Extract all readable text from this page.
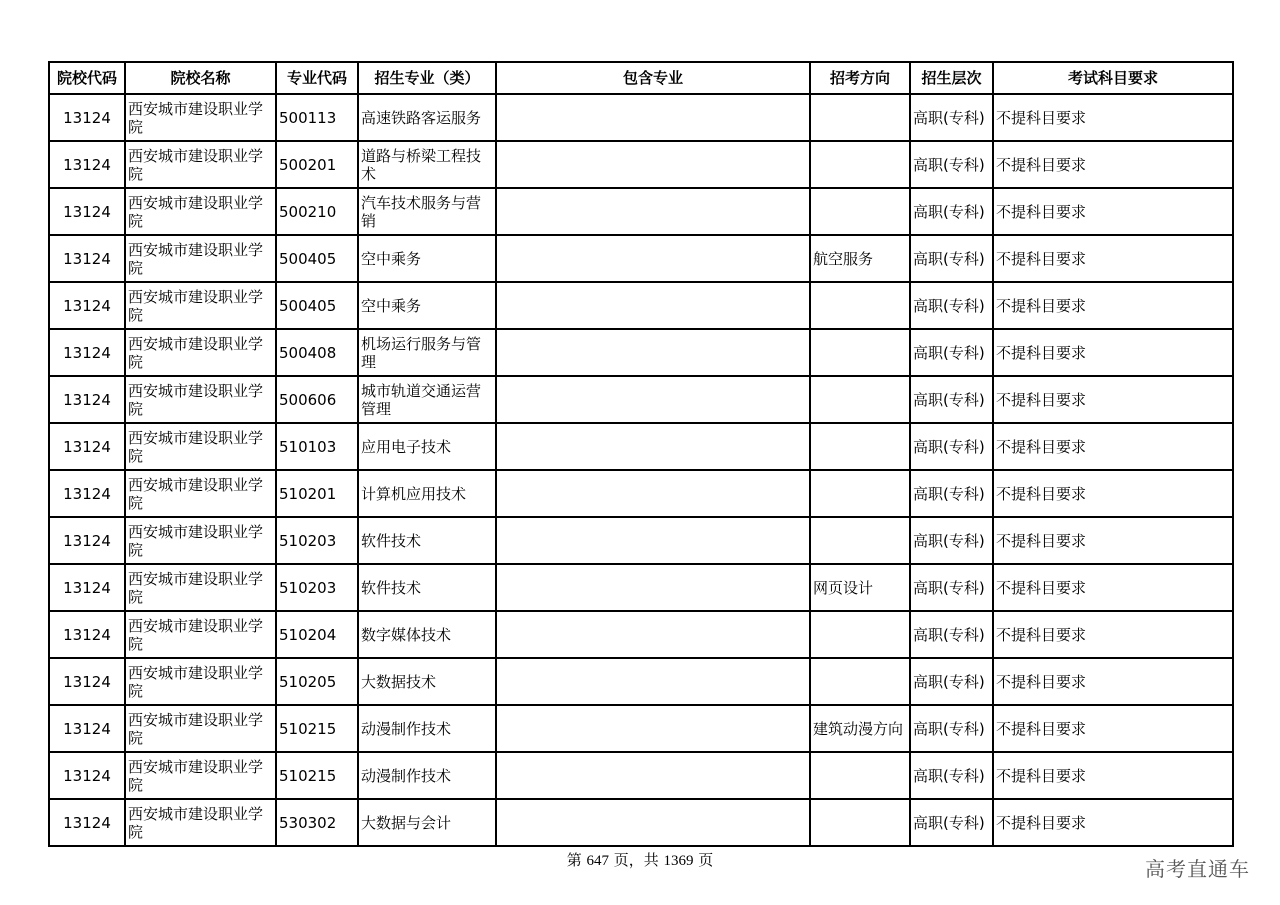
院校代码	院校名称	专业代码	招生专业（类）	包含专业	招考方向	招生层次	考试科目要求
13124	西安城市建设职业学院	500113	高速铁路客运服务			高职(专科)	不提科目要求
13124	西安城市建设职业学院	500201	道路与桥梁工程技术			高职(专科)	不提科目要求
13124	西安城市建设职业学院	500210	汽车技术服务与营销			高职(专科)	不提科目要求
13124	西安城市建设职业学院	500405	空中乘务		航空服务	高职(专科)	不提科目要求
13124	西安城市建设职业学院	500405	空中乘务			高职(专科)	不提科目要求
13124	西安城市建设职业学院	500408	机场运行服务与管理			高职(专科)	不提科目要求
13124	西安城市建设职业学院	500606	城市轨道交通运营管理			高职(专科)	不提科目要求
13124	西安城市建设职业学院	510103	应用电子技术			高职(专科)	不提科目要求
13124	西安城市建设职业学院	510201	计算机应用技术			高职(专科)	不提科目要求
13124	西安城市建设职业学院	510203	软件技术			高职(专科)	不提科目要求
13124	西安城市建设职业学院	510203	软件技术		网页设计	高职(专科)	不提科目要求
13124	西安城市建设职业学院	510204	数字媒体技术			高职(专科)	不提科目要求
13124	西安城市建设职业学院	510205	大数据技术			高职(专科)	不提科目要求
13124	西安城市建设职业学院	510215	动漫制作技术		建筑动漫方向	高职(专科)	不提科目要求
13124	西安城市建设职业学院	510215	动漫制作技术			高职(专科)	不提科目要求
13124	西安城市建设职业学院	530302	大数据与会计			高职(专科)	不提科目要求
第 647 页，共 1369 页	高考直通车
